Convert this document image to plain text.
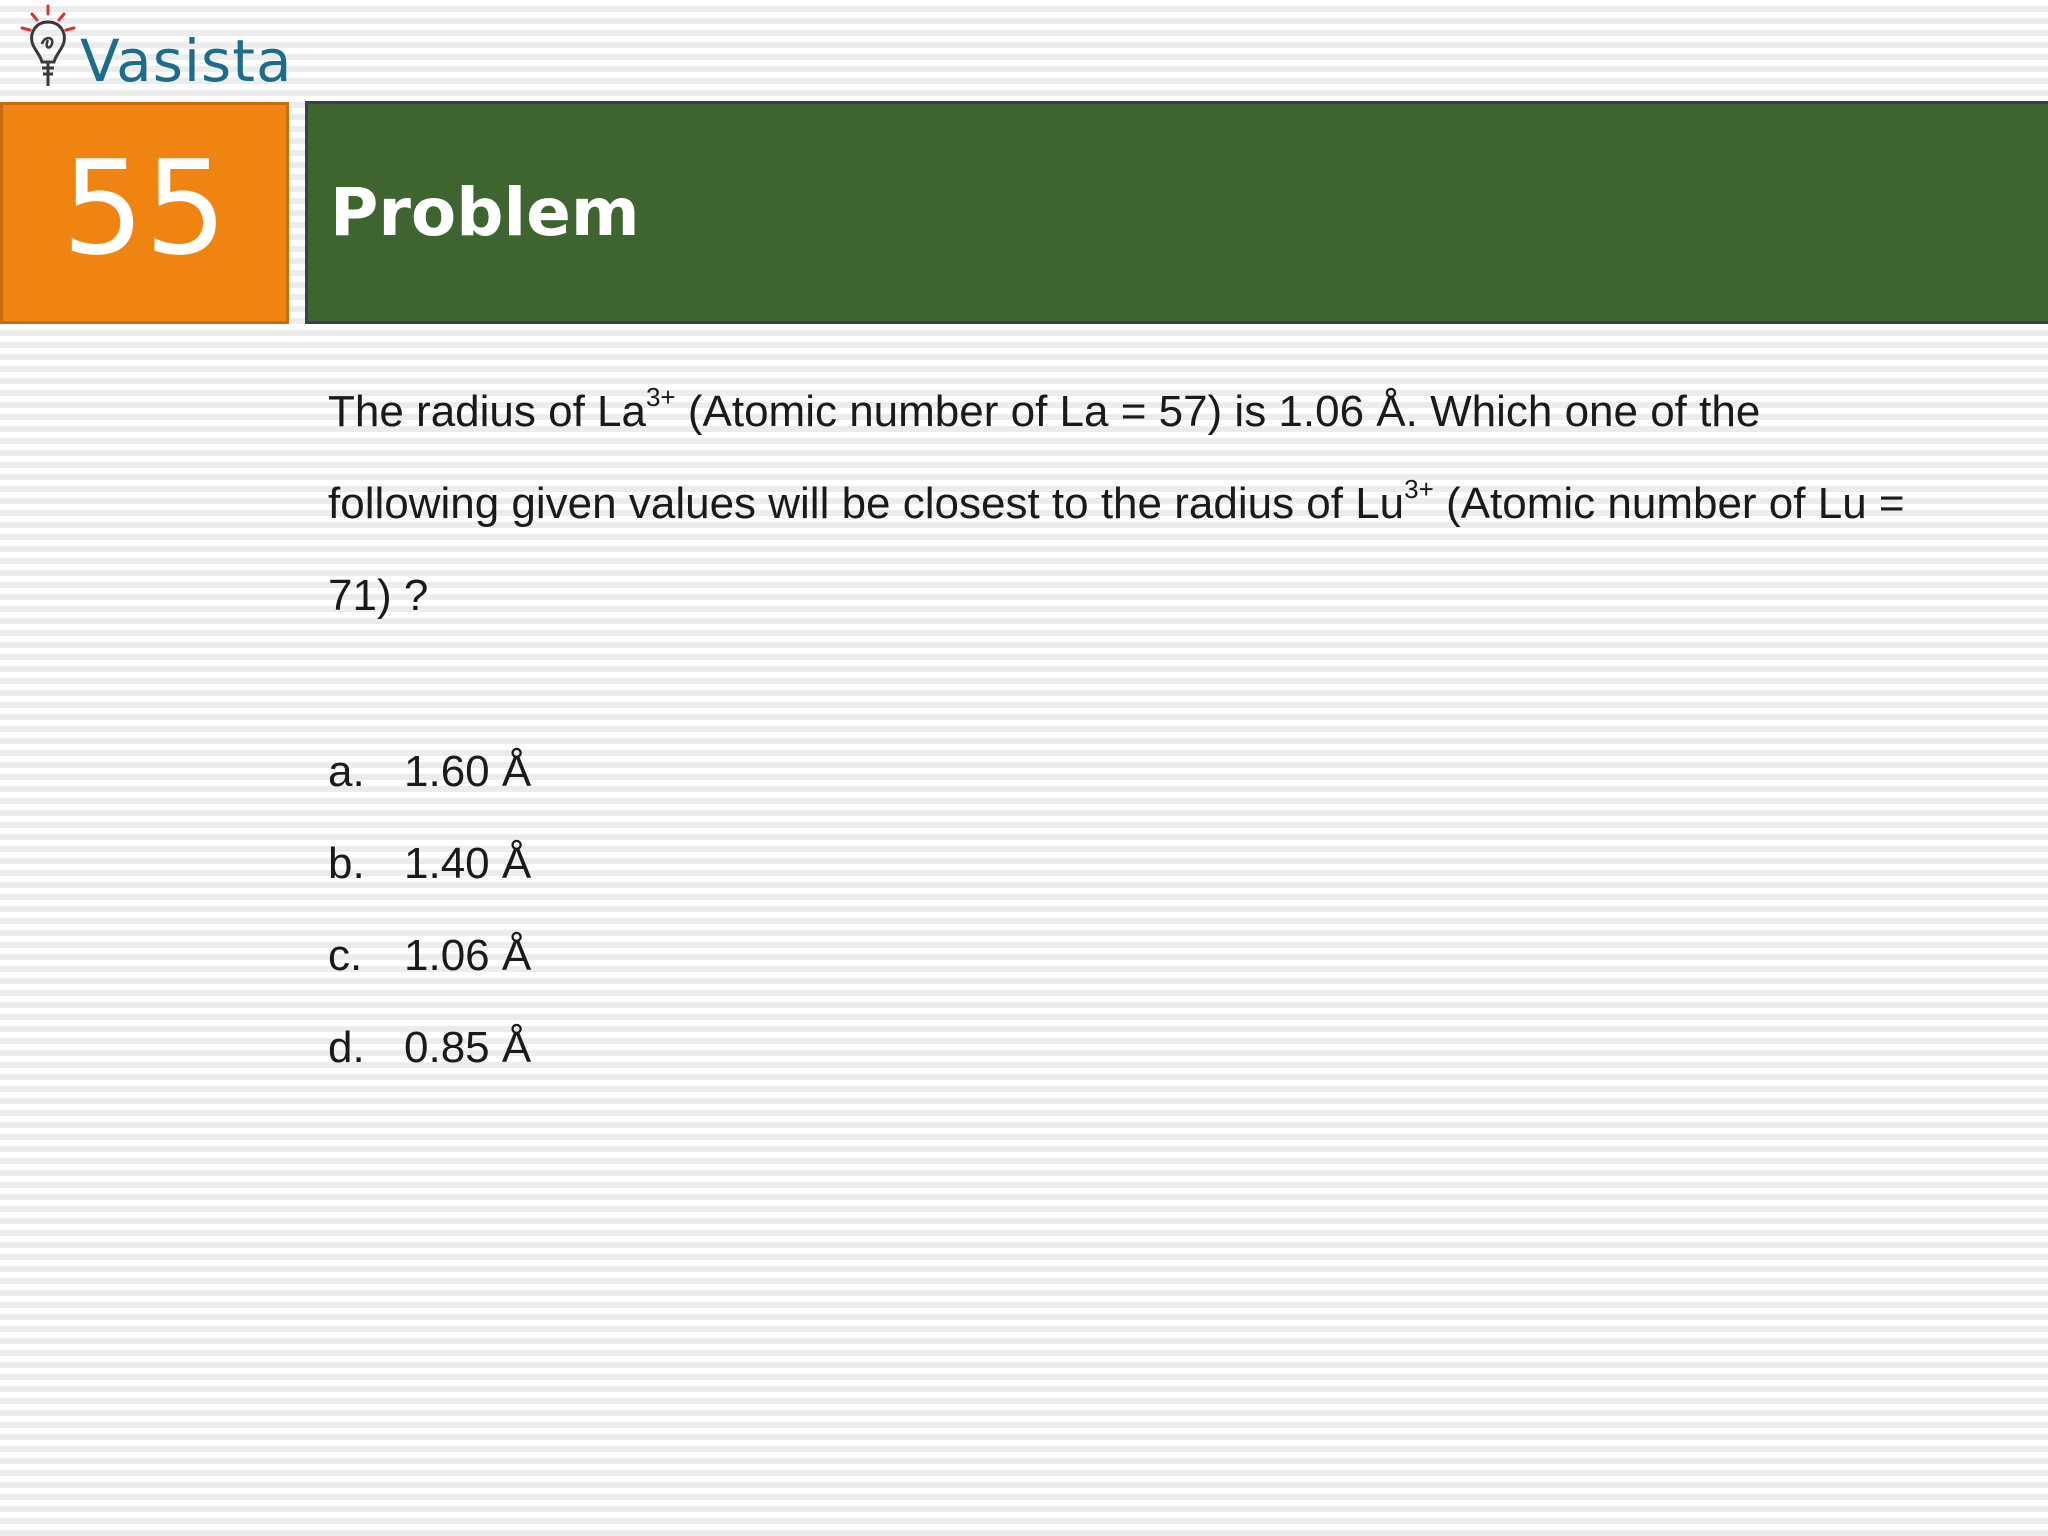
Vasista
55	Problem

The radius of $La^{3+}$ (Atomic number of La = 57) is 1.06 Å. Which one of the

following given values will be closest to the radius of $Lu^{3+}$ (Atomic number of Lu =

71) ?

a. 1.60 Å
b. 1.40 Å
c. 1.06 Å
d. 0.85 Å
